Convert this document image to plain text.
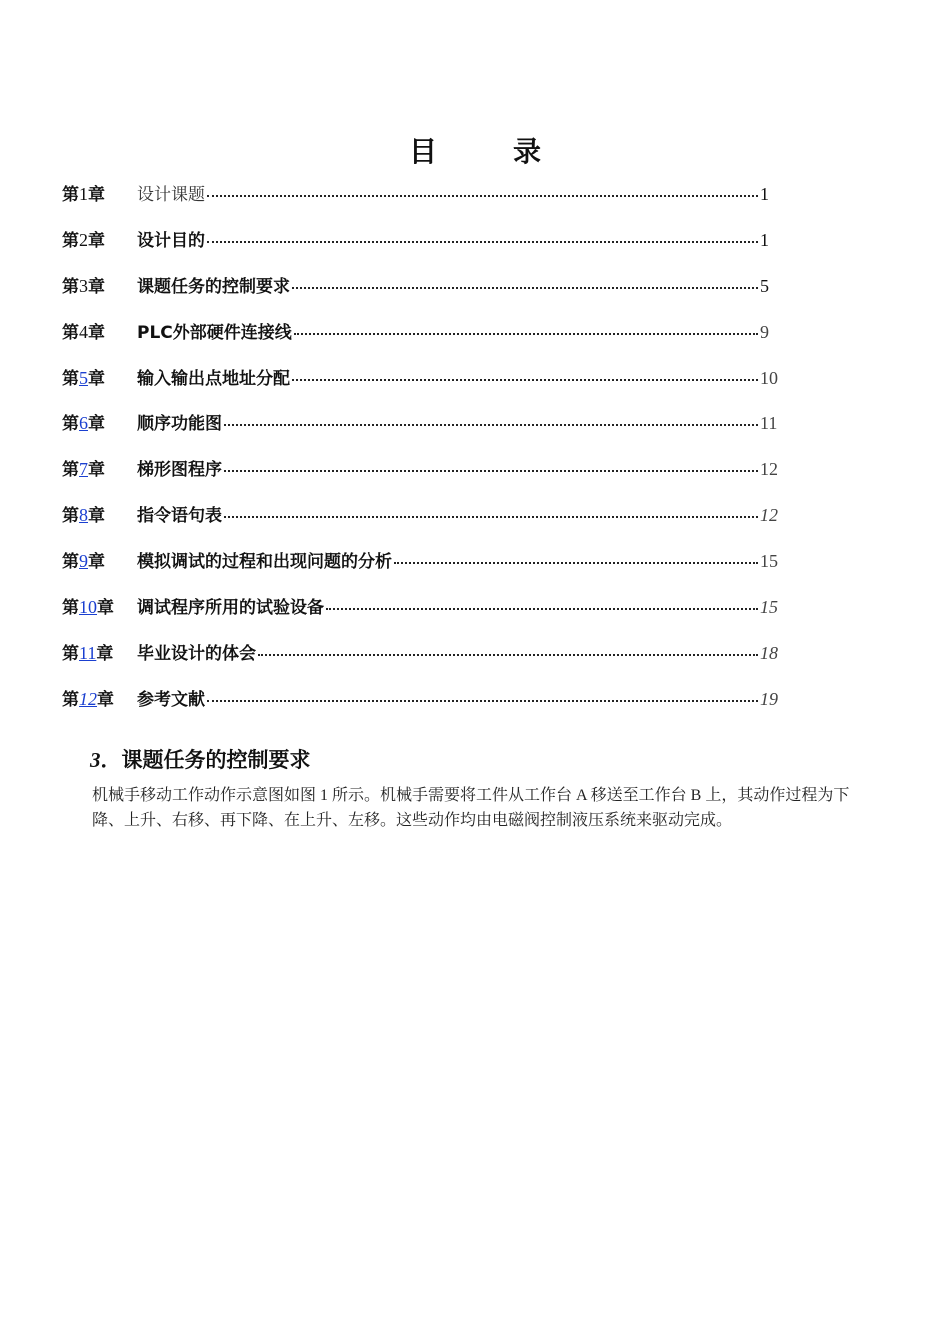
目	录
第1章	设计课题	1
第2章	设计目的	1
第3章	课题任务的控制要求	5
第4章	PLC外部硬件连接线	9
第5章	输入输出点地址分配	10
第6章	顺序功能图	11
第7章	梯形图程序	12
第8章	指令语句表	12
第9章	模拟调试的过程和出现问题的分析	15
第10章	调试程序所用的试验设备	15
第11章	毕业设计的体会	18
第12章	参考文献	19
3．课题任务的控制要求
机械手移动工作动作示意图如图 1 所示。机械手需要将工件从工作台 A 移送至工作台 B 上，其动作过程为下降、上升、右移、再下降、在上升、左移。这些动作均由电磁阀控制液压系统来驱动完成。
